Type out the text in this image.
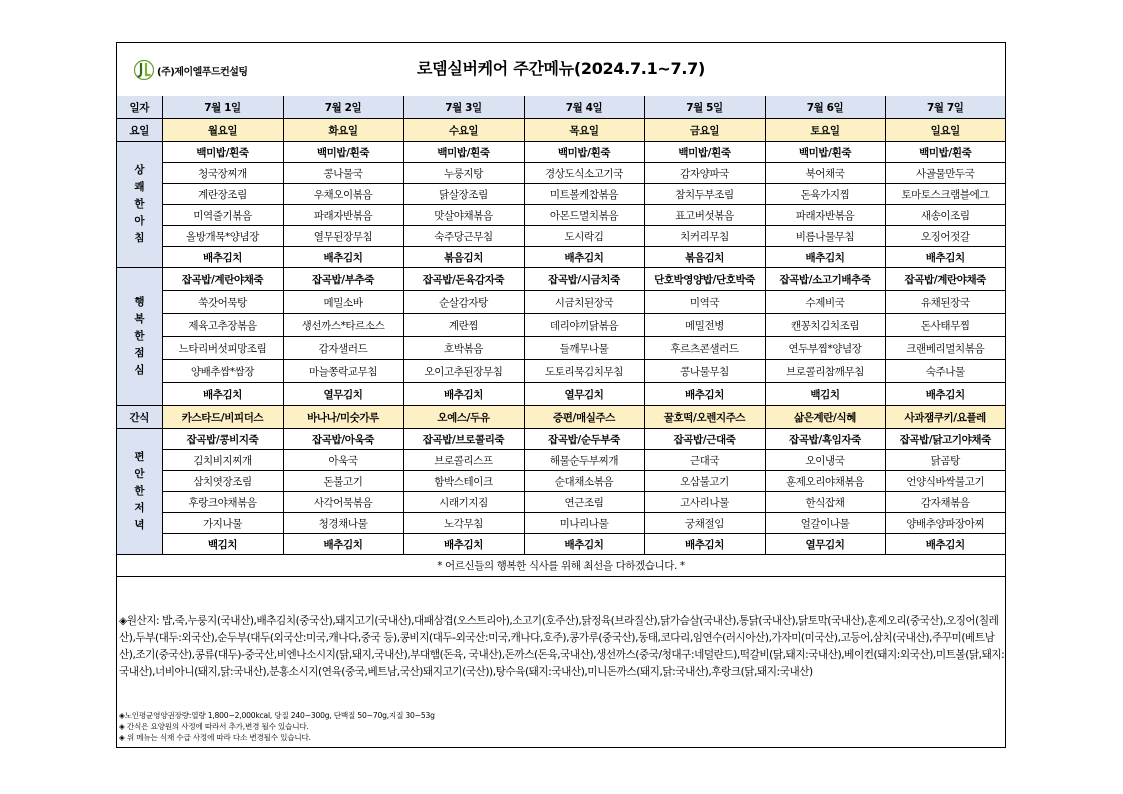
(주)제이엘푸드컨설팅	로뎀실버케어 주간메뉴(2024.7.1~7.7)
일자	7월 1일	7월 2일	7월 3일	7월 4일	7월 5일	7월 6일	7월 7일
요일	월요일	화요일	수요일	목요일	금요일	토요일	일요일

상
쾌
한
아
침	백미밥/흰죽	백미밥/흰죽	백미밥/흰죽	백미밥/흰죽	백미밥/흰죽	백미밥/흰죽	백미밥/흰죽
	청국장찌개	콩나물국	누룽지탕	경상도식소고기국	감자양파국	북어채국	사골물만두국
	계란장조림	우채오이볶음	닭살장조림	미트볼케찹볶음	참치두부조림	돈육가지찜	토마토스크램블에그
	미역줄기볶음	파래자반볶음	맛살야채볶음	아몬드멸치볶음	표고버섯볶음	파래자반볶음	새송이조림
	올방개묵*양념장	열무된장무침	숙주당근무침	도시락김	치커리무침	비름나물무침	오징어젓갈
	배추김치	배추김치	볶음김치	배추김치	볶음김치	배추김치	배추김치

행
복
한
점
심	잡곡밥/계란야채죽	잡곡밥/부추죽	잡곡밥/돈육감자죽	잡곡밥/시금치죽	단호박영양밥/단호박죽	잡곡밥/소고기배추죽	잡곡밥/계란야채죽
	쑥갓어묵탕	메밀소바	순살감자탕	시금치된장국	미역국	수제비국	유채된장국
	제육고추장볶음	생선까스*타르소스	계란찜	데리야끼닭볶음	메밀전병	캔꽁치김치조림	돈사태무찜
	느타리버섯피망조림	감자샐러드	호박볶음	들깨무나물	후르츠콘샐러드	연두부찜*양념장	크랜베리멸치볶음
	양배추쌈*쌈장	마늘쫑락교무침	오이고추된장무침	도토리묵김치무침	콩나물무침	브로콜리참깨무침	숙주나물
	배추김치	열무김치	배추김치	열무김치	배추김치	백김치	배추김치
간식	카스타드/비피더스	바나나/미숫가루	오예스/두유	증편/매실주스	꿀호떡/오렌지주스	삶은계란/식혜	사과잼쿠키/요플레

편
안
한
저
녁	잡곡밥/콩비지죽	잡곡밥/아욱죽	잡곡밥/브로콜리죽	잡곡밥/순두부죽	잡곡밥/근대죽	잡곡밥/흑임자죽	잡곡밥/닭고기야채죽
	김치비지찌개	아욱국	브로콜리스프	해물순두부찌개	근대국	오이냉국	닭곰탕
	삼치엿장조림	돈불고기	함박스테이크	순대채소볶음	오삼불고기	훈제오리야채볶음	언양식바싹불고기
	후랑크야채볶음	사각어묵볶음	시래기지짐	연근조림	고사리나물	한식잡채	감자채볶음
	가지나물	청경채나물	노각무침	미나리나물	궁채절임	얼갈이나물	양배추양파장아찌
	백김치	배추김치	배추김치	배추김치	배추김치	열무김치	배추김치
* 어르신들의 행복한 식사를 위해 최선을 다하겠습니다. *							
◈원산지: 밥,죽,누룽지(국내산),배추김치(중국산),돼지고기(국내산),대패삼겹(오스트리아),소고기(호주산),닭정육(브라질산),닭가슴살(국내산),통닭(국내산),닭토막(국내산),훈제오리(중국산),오징어(칠레산),두부(대두:외국산),순두부(대두(외국산:미국,캐나다,중국 등),콩비지(대두-외국산:미국,캐나다,호주),콩가루(중국산),동태,코다리,임연수(러시아산),가자미(미국산),고등어,삼치(국내산),주꾸미(베트남산),조기(중국산),콩류(대두)-중국산,비엔나소시지(닭,돼지,국내산),부대햄(돈육, 국내산),돈까스(돈육,국내산),생선까스(중국/청대구:네덜란드),떡갈비(닭,돼지:국내산),베이컨(돼지:외국산),미트볼(닭,돼지:국내산),너비아니(돼지,닭:국내산),분홍소시지(연육(중국,베트남,국산)돼지고기(국산)),탕수육(돼지:국내산),미니돈까스(돼지,닭:국내산),후랑크(닭,돼지:국내산)
◈노인평균영양권장량:열량 1,800~2,000kcal, 당질 240~300g, 단백질 50~70g,지질 30~53g
◈ 간식은 요양원의 사정에 따라서 추가,변경 될수 있습니다.
◈ 위 메뉴는 식재 수급 사정에 따라 다소 변경될수 있습니다.
